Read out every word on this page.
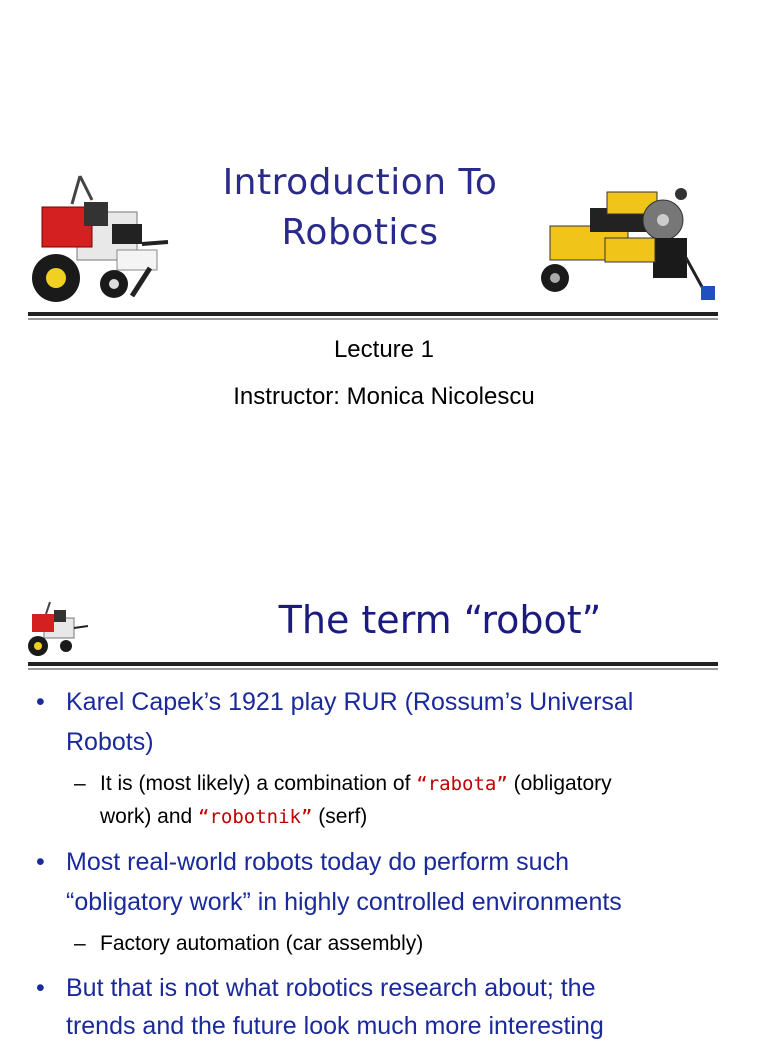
Introduction To
Robotics
Lecture 1
Instructor: Monica Nicolescu
The term “robot”
• Karel Capek’s 1921 play RUR (Rossum’s Universal
Robots)
– It is (most likely) a combination of “rabota” (obligatory
work) and “robotnik” (serf)
• Most real-world robots today do perform such
“obligatory work” in highly controlled environments
– Factory automation (car assembly)
• But that is not what robotics research about; the
trends and the future look much more interesting
